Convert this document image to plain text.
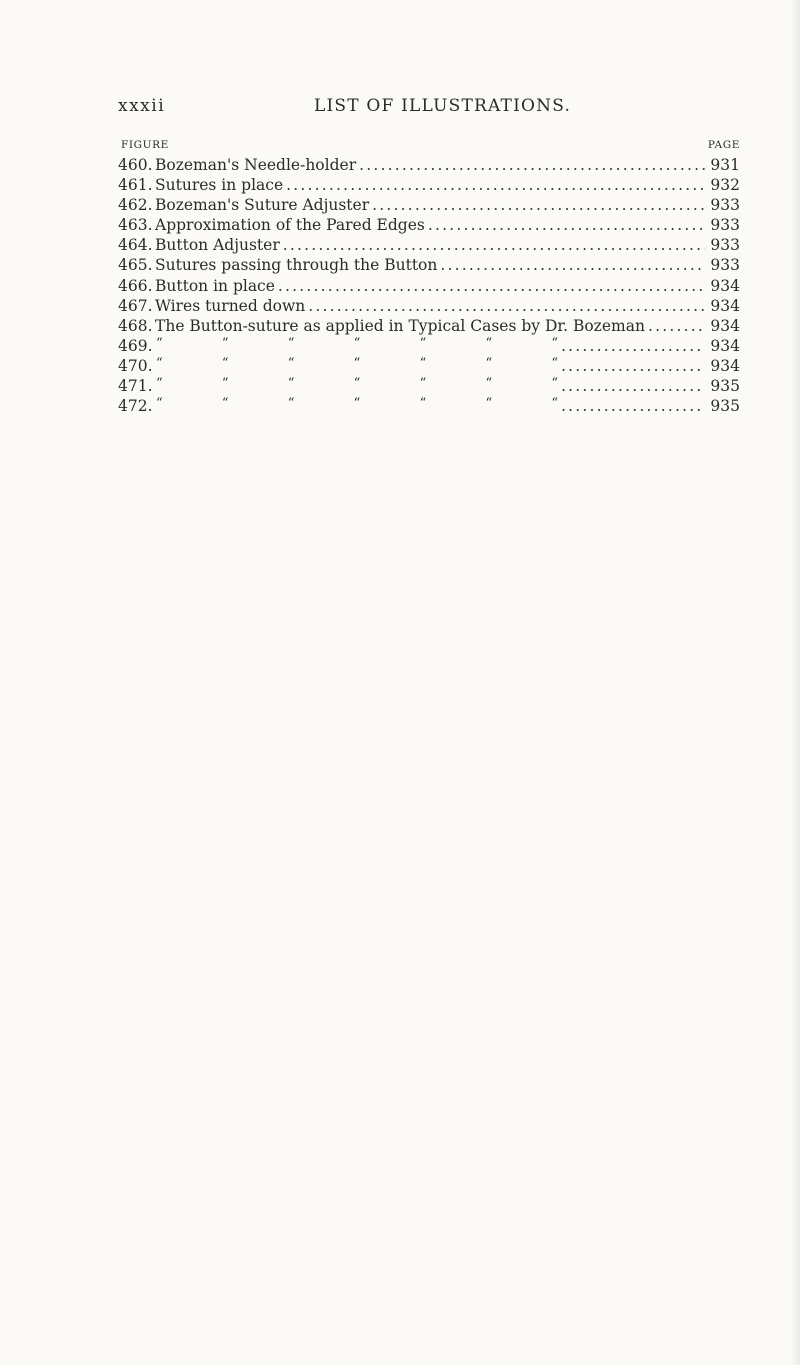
xxxii	LIST OF ILLUSTRATIONS.
FIGURE	PAGE
460. Bozeman's Needle-holder .....	931
461. Sutures in place .....	932
462. Bozeman's Suture Adjuster .....	933
463. Approximation of the Pared Edges .....	933
464. Button Adjuster .....	933
465. Sutures passing through the Button .....	933
466. Button in place .....	934
467. Wires turned down .....	934
468. The Button-suture as applied in Typical Cases by Dr. Bozeman .....	934
469. “	“	“	“	“	“	“ .....	934
470. “	“	“	“	“	“	“ .....	934
471. “	“	“	“	“	“	“ .....	935
472. “	“	“	“	“	“	“ .....	935
